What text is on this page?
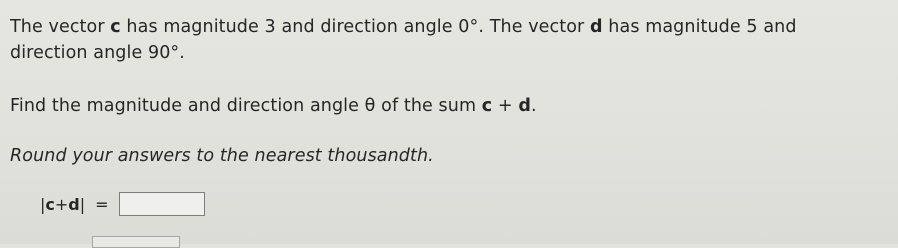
The vector c has magnitude 3 and direction angle 0°. The vector d has magnitude 5 and
direction angle 90°.
Find the magnitude and direction angle θ of the sum c + d.
Round your answers to the nearest thousandth.
| c + d | =
